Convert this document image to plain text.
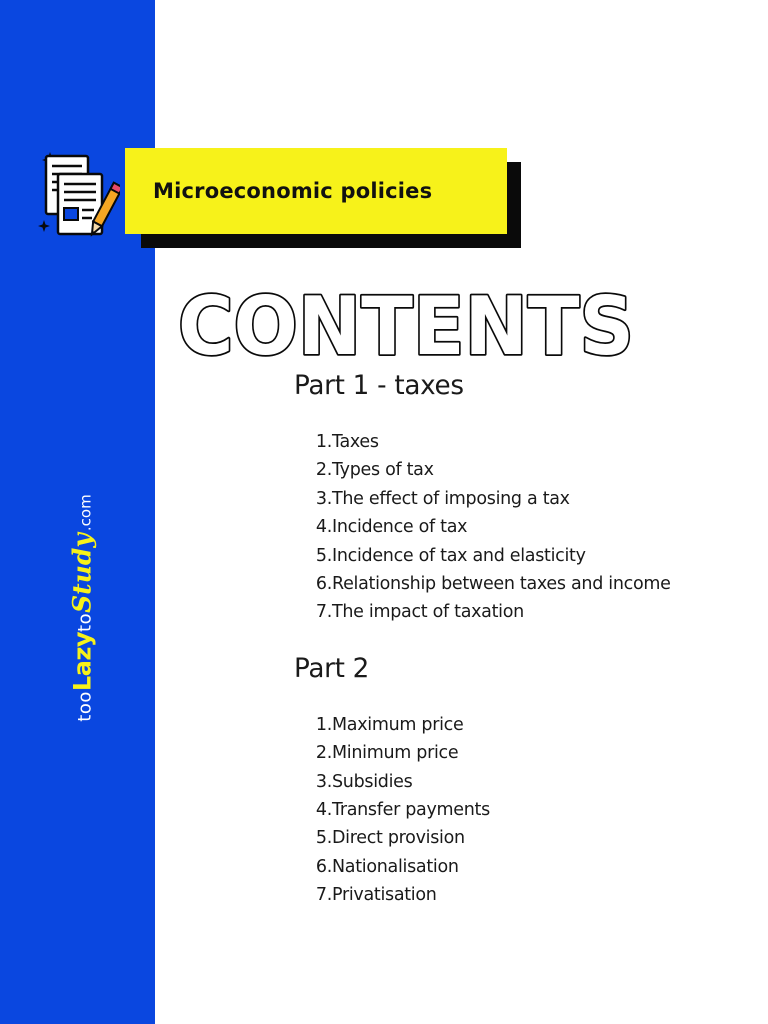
too
Lazy
to
Study
.com
Microeconomic policies
CONTENTS
Part 1 - taxes
1. Taxes
2. Types of tax
3. The effect of imposing a tax
4. Incidence of tax
5. Incidence of tax and elasticity
6. Relationship between taxes and income
7. The impact of taxation
Part 2
1. Maximum price
2. Minimum price
3. Subsidies
4. Transfer payments
5. Direct provision
6. Nationalisation
7. Privatisation
